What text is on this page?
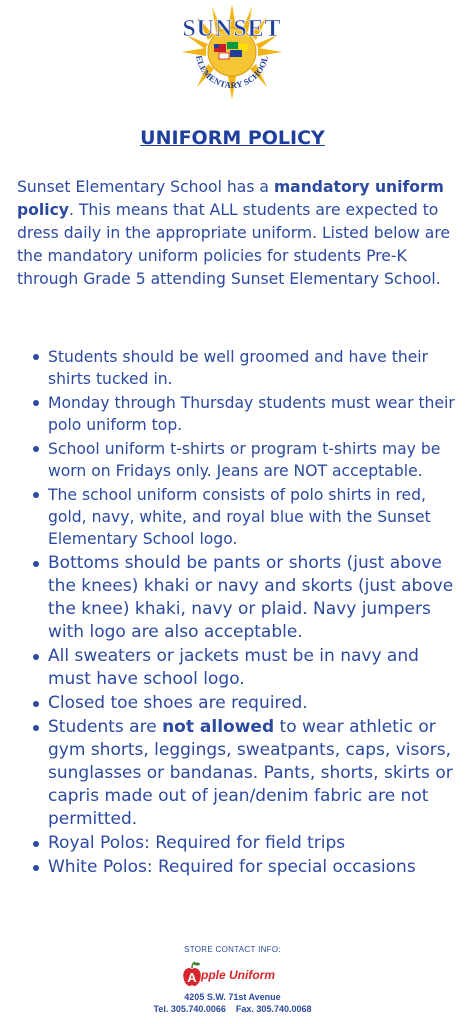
SUNSET
ELEMENTARY SCHOOL
UNIFORM POLICY
Sunset Elementary School has a mandatory uniform policy. This means that ALL students are expected to dress daily in the appropriate uniform. Listed below are the mandatory uniform policies for students Pre-K through Grade 5 attending Sunset Elementary School.
Students should be well groomed and have their shirts tucked in.
Monday through Thursday students must wear their polo uniform top.
School uniform t-shirts or program t-shirts may be worn on Fridays only. Jeans are NOT acceptable.
The school uniform consists of polo shirts in red, gold, navy, white, and royal blue with the Sunset Elementary School logo.
Bottoms should be pants or shorts (just above the knees) khaki or navy and skorts (just above the knee) khaki, navy or plaid. Navy jumpers with logo are also acceptable.
All sweaters or jackets must be in navy and must have school logo.
Closed toe shoes are required.
Students are not allowed to wear athletic or gym shorts, leggings, sweatpants, caps, visors, sunglasses or bandanas. Pants, shorts, skirts or capris made out of jean/denim fabric are not permitted.
Royal Polos: Required for field trips
White Polos: Required for special occasions
STORE CONTACT INFO:
A pple Uniform
4205 S.W. 71st Avenue
Tel. 305.740.0066 Fax. 305.740.0068
